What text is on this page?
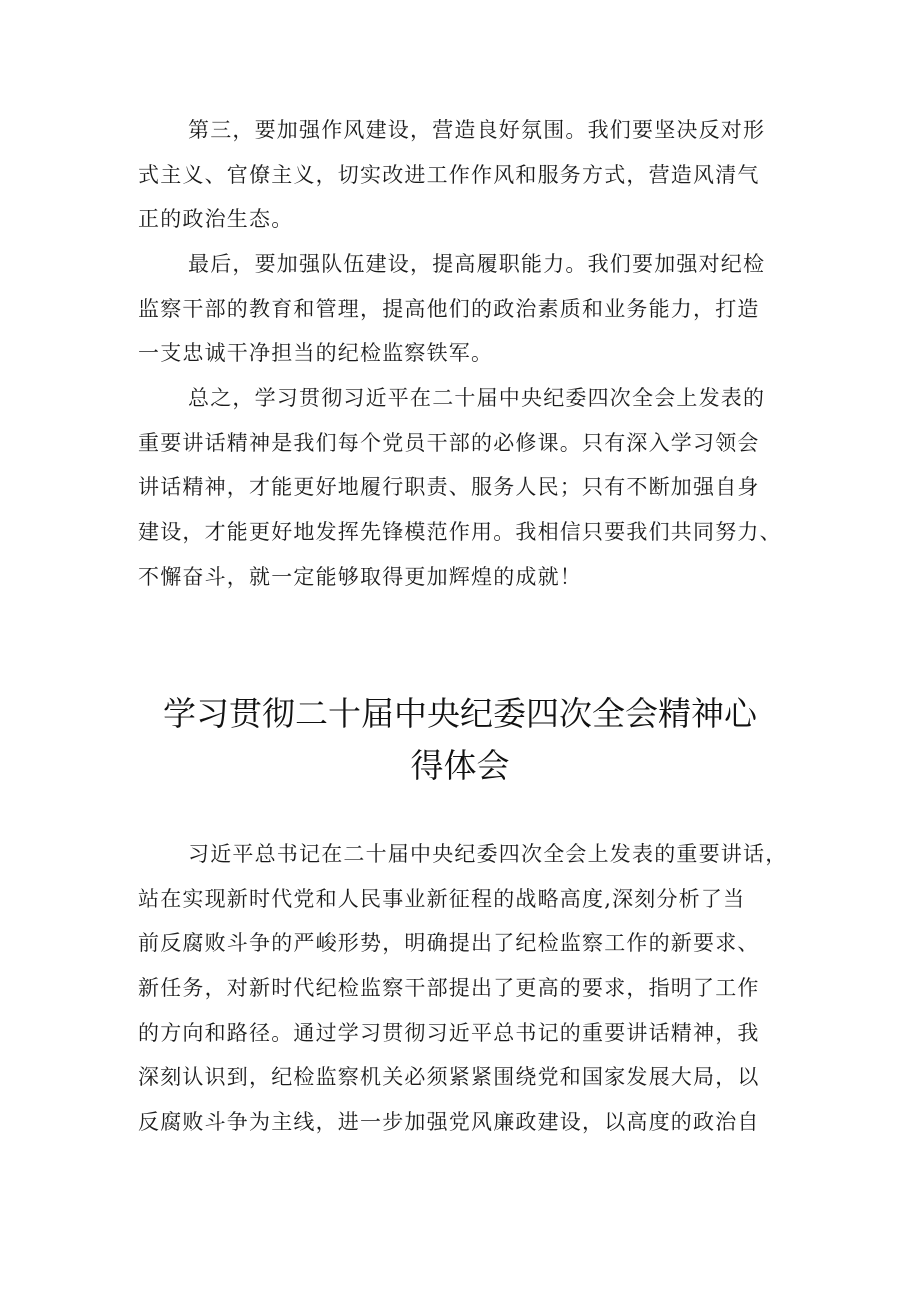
第三，要加强作风建设，营造良好氛围。我们要坚决反对形
式主义、官僚主义，切实改进工作作风和服务方式，营造风清气
正的政治生态。
最后，要加强队伍建设，提高履职能力。我们要加强对纪检
监察干部的教育和管理，提高他们的政治素质和业务能力，打造
一支忠诚干净担当的纪检监察铁军。
总之，学习贯彻习近平在二十届中央纪委四次全会上发表的
重要讲话精神是我们每个党员干部的必修课。只有深入学习领会
讲话精神，才能更好地履行职责、服务人民；只有不断加强自身
建设，才能更好地发挥先锋模范作用。我相信只要我们共同努力、
不懈奋斗，就一定能够取得更加辉煌的成就！
学习贯彻二十届中央纪委四次全会精神心
得体会
习近平总书记在二十届中央纪委四次全会上发表的重要讲话，
站在实现新时代党和人民事业新征程的战略高度,深刻分析了当
前反腐败斗争的严峻形势，明确提出了纪检监察工作的新要求、
新任务，对新时代纪检监察干部提出了更高的要求，指明了工作
的方向和路径。通过学习贯彻习近平总书记的重要讲话精神，我
深刻认识到，纪检监察机关必须紧紧围绕党和国家发展大局，以
反腐败斗争为主线，进一步加强党风廉政建设，以高度的政治自
